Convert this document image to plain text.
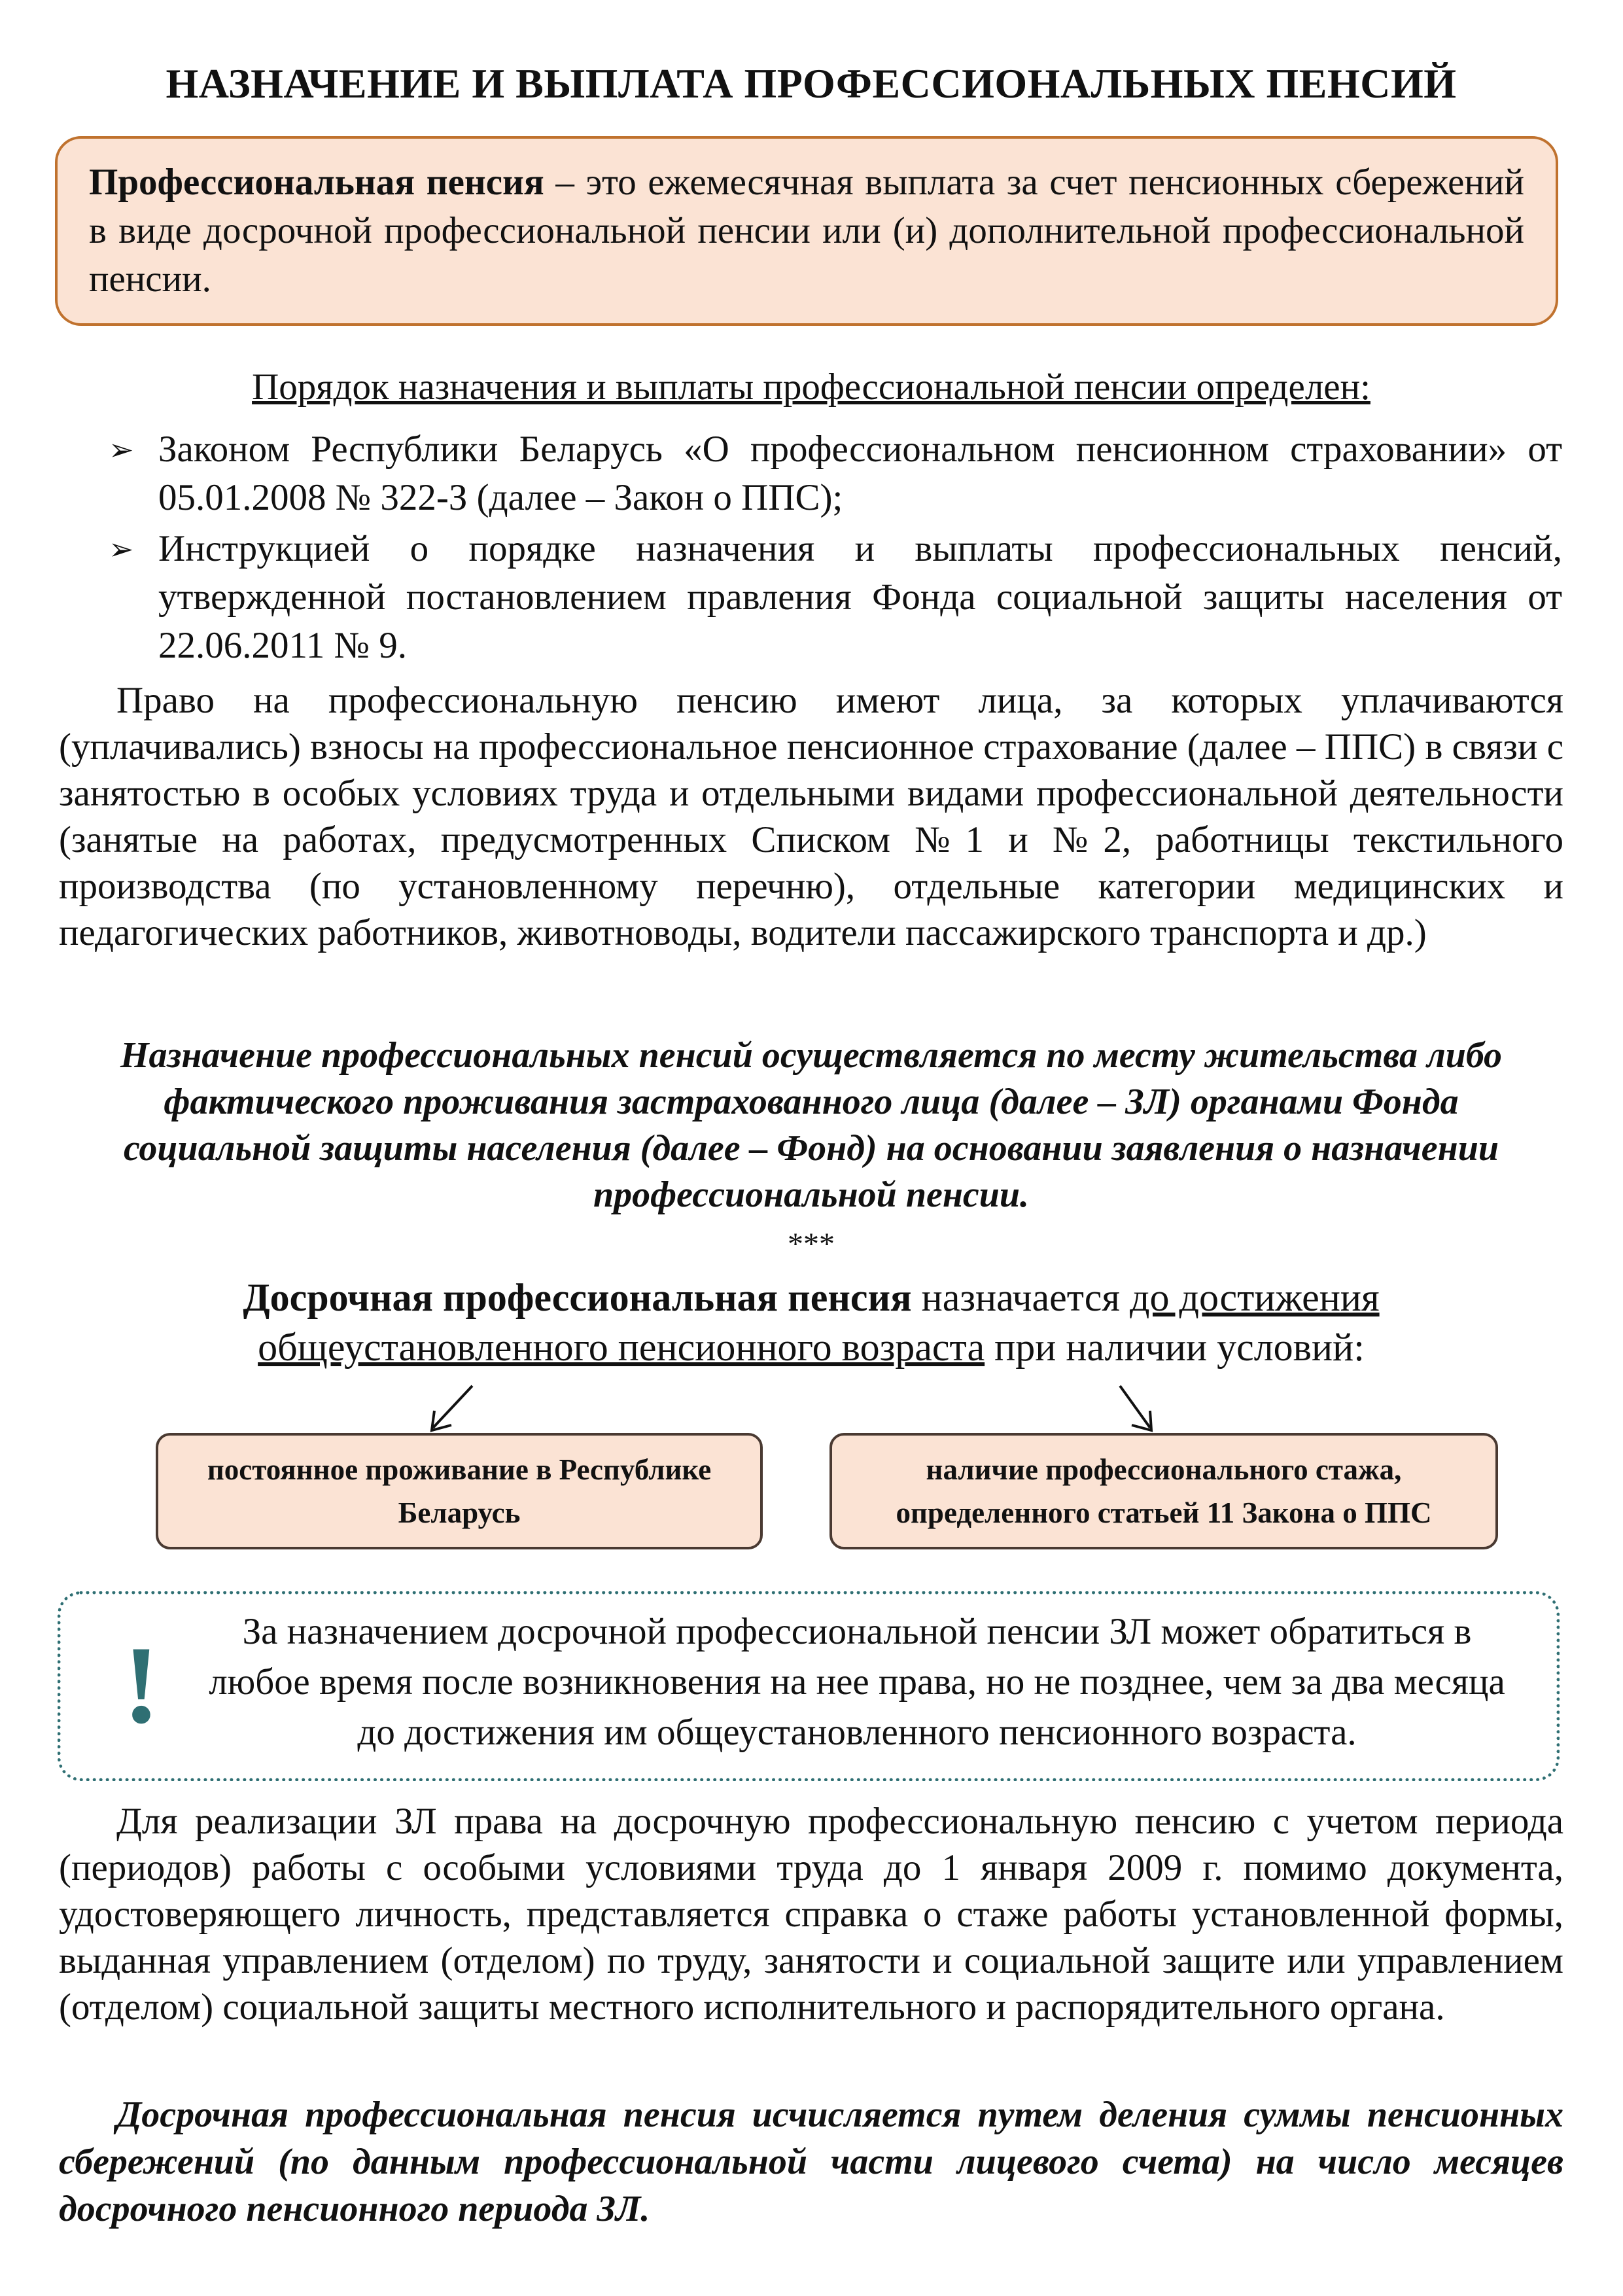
НАЗНАЧЕНИЕ И ВЫПЛАТА ПРОФЕССИОНАЛЬНЫХ ПЕНСИЙ
Профессиональная пенсия – это ежемесячная выплата за счет пенсионных сбережений в виде досрочной профессиональной пенсии или (и) дополнительной профессиональной пенсии.
Порядок назначения и выплаты профессиональной пенсии определен:
➢ Законом Республики Беларусь «О профессиональном пенсионном страховании» от 05.01.2008 № 322-З (далее – Закон о ППС);
➢ Инструкцией о порядке назначения и выплаты профессиональных пенсий, утвержденной постановлением правления Фонда социальной защиты населения от 22.06.2011 № 9.
Право на профессиональную пенсию имеют лица, за которых уплачиваются (уплачивались) взносы на профессиональное пенсионное страхование (далее – ППС) в связи с занятостью в особых условиях труда и отдельными видами профессиональной деятельности (занятые на работах, предусмотренных Списком №1 и №2, работницы текстильного производства (по установленному перечню), отдельные категории медицинских и педагогических работников, животноводы, водители пассажирского транспорта и др.)
Назначение профессиональных пенсий осуществляется по месту жительства либо фактического проживания застрахованного лица (далее – ЗЛ) органами Фонда социальной защиты населения (далее – Фонд) на основании заявления о назначении профессиональной пенсии.
***
Досрочная профессиональная пенсия назначается до достижения общеустановленного пенсионного возраста при наличии условий:
постоянное проживание в Республике Беларусь
наличие профессионального стажа, определенного статьей 11 Закона о ППС
!	За назначением досрочной профессиональной пенсии ЗЛ может обратиться в любое время после возникновения на нее права, но не позднее, чем за два месяца до достижения им общеустановленного пенсионного возраста.
Для реализации ЗЛ права на досрочную профессиональную пенсию с учетом периода (периодов) работы с особыми условиями труда до 1 января 2009 г. помимо документа, удостоверяющего личность, представляется справка о стаже работы установленной формы, выданная управлением (отделом) по труду, занятости и социальной защите или управлением (отделом) социальной защиты местного исполнительного и распорядительного органа.
Досрочная профессиональная пенсия исчисляется путем деления суммы пенсионных сбережений (по данным профессиональной части лицевого счета) на число месяцев досрочного пенсионного периода ЗЛ.
